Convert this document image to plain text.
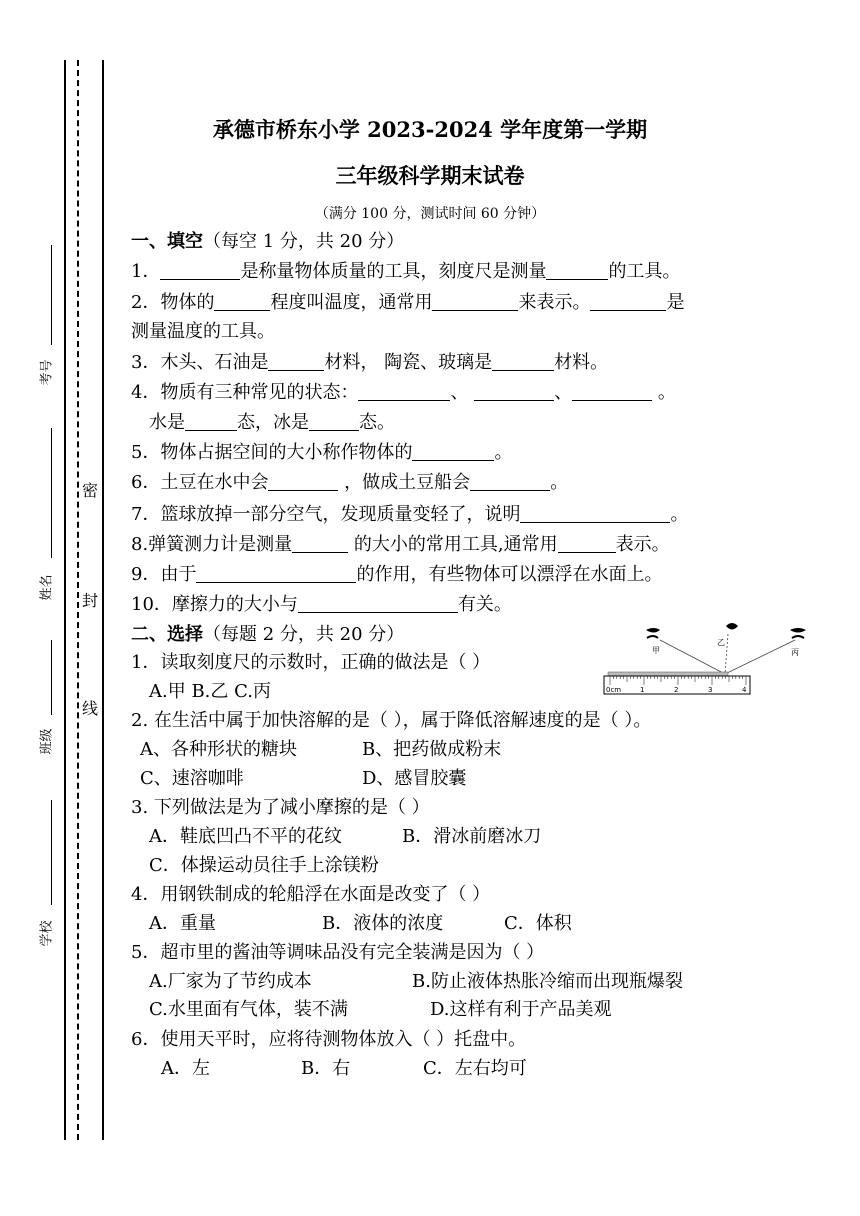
密
封
线
考号
姓名
班级
学校
承德市桥东小学 2023-2024 学年度第一学期
三年级科学期末试卷
（满分 100 分，测试时间 60 分钟）
一、填空（每空 1 分，共 20 分）
1．	是称量物体质量的工具，刻度尺是测量	的工具。
2．物体的	程度叫温度，通常用	来表示。	是
测量温度的工具。
3．木头、石油是	材料， 陶瓷、玻璃是	材料。
4．物质有三种常见的状态：	、	、	。
水是	态，冰是	态。
5．物体占据空间的大小称作物体的	。
6．土豆在水中会	，做成土豆船会	。
7．篮球放掉一部分空气，发现质量变轻了，说明	。
8.弹簧测力计是测量	的大小的常用工具,通常用	表示。
9．由于	的作用，有些物体可以漂浮在水面上。
10．摩擦力的大小与	有关。
二、选择（每题 2 分，共 20 分）
1．读取刻度尺的示数时，正确的做法是（ ）
A.甲 B.乙 C.丙
甲
乙
丙
0cm	1	2	3	4
2. 在生活中属于加快溶解的是（ ），属于降低溶解速度的是（ ）。
A、各种形状的糖块	B、把药做成粉末
C、速溶咖啡	D、感冒胶囊
3. 下列做法是为了减小摩擦的是（ ）
A．鞋底凹凸不平的花纹	B．滑冰前磨冰刀
C．体操运动员往手上涂镁粉
4．用钢铁制成的轮船浮在水面是改变了（ ）
A．重量	B．液体的浓度	C．体积
5．超市里的酱油等调味品没有完全装满是因为（ ）
A.厂家为了节约成本	B.防止液体热胀冷缩而出现瓶爆裂
C.水里面有气体，装不满	D.这样有利于产品美观
6．使用天平时，应将待测物体放入（ ）托盘中。
A．左	B．右	C．左右均可
